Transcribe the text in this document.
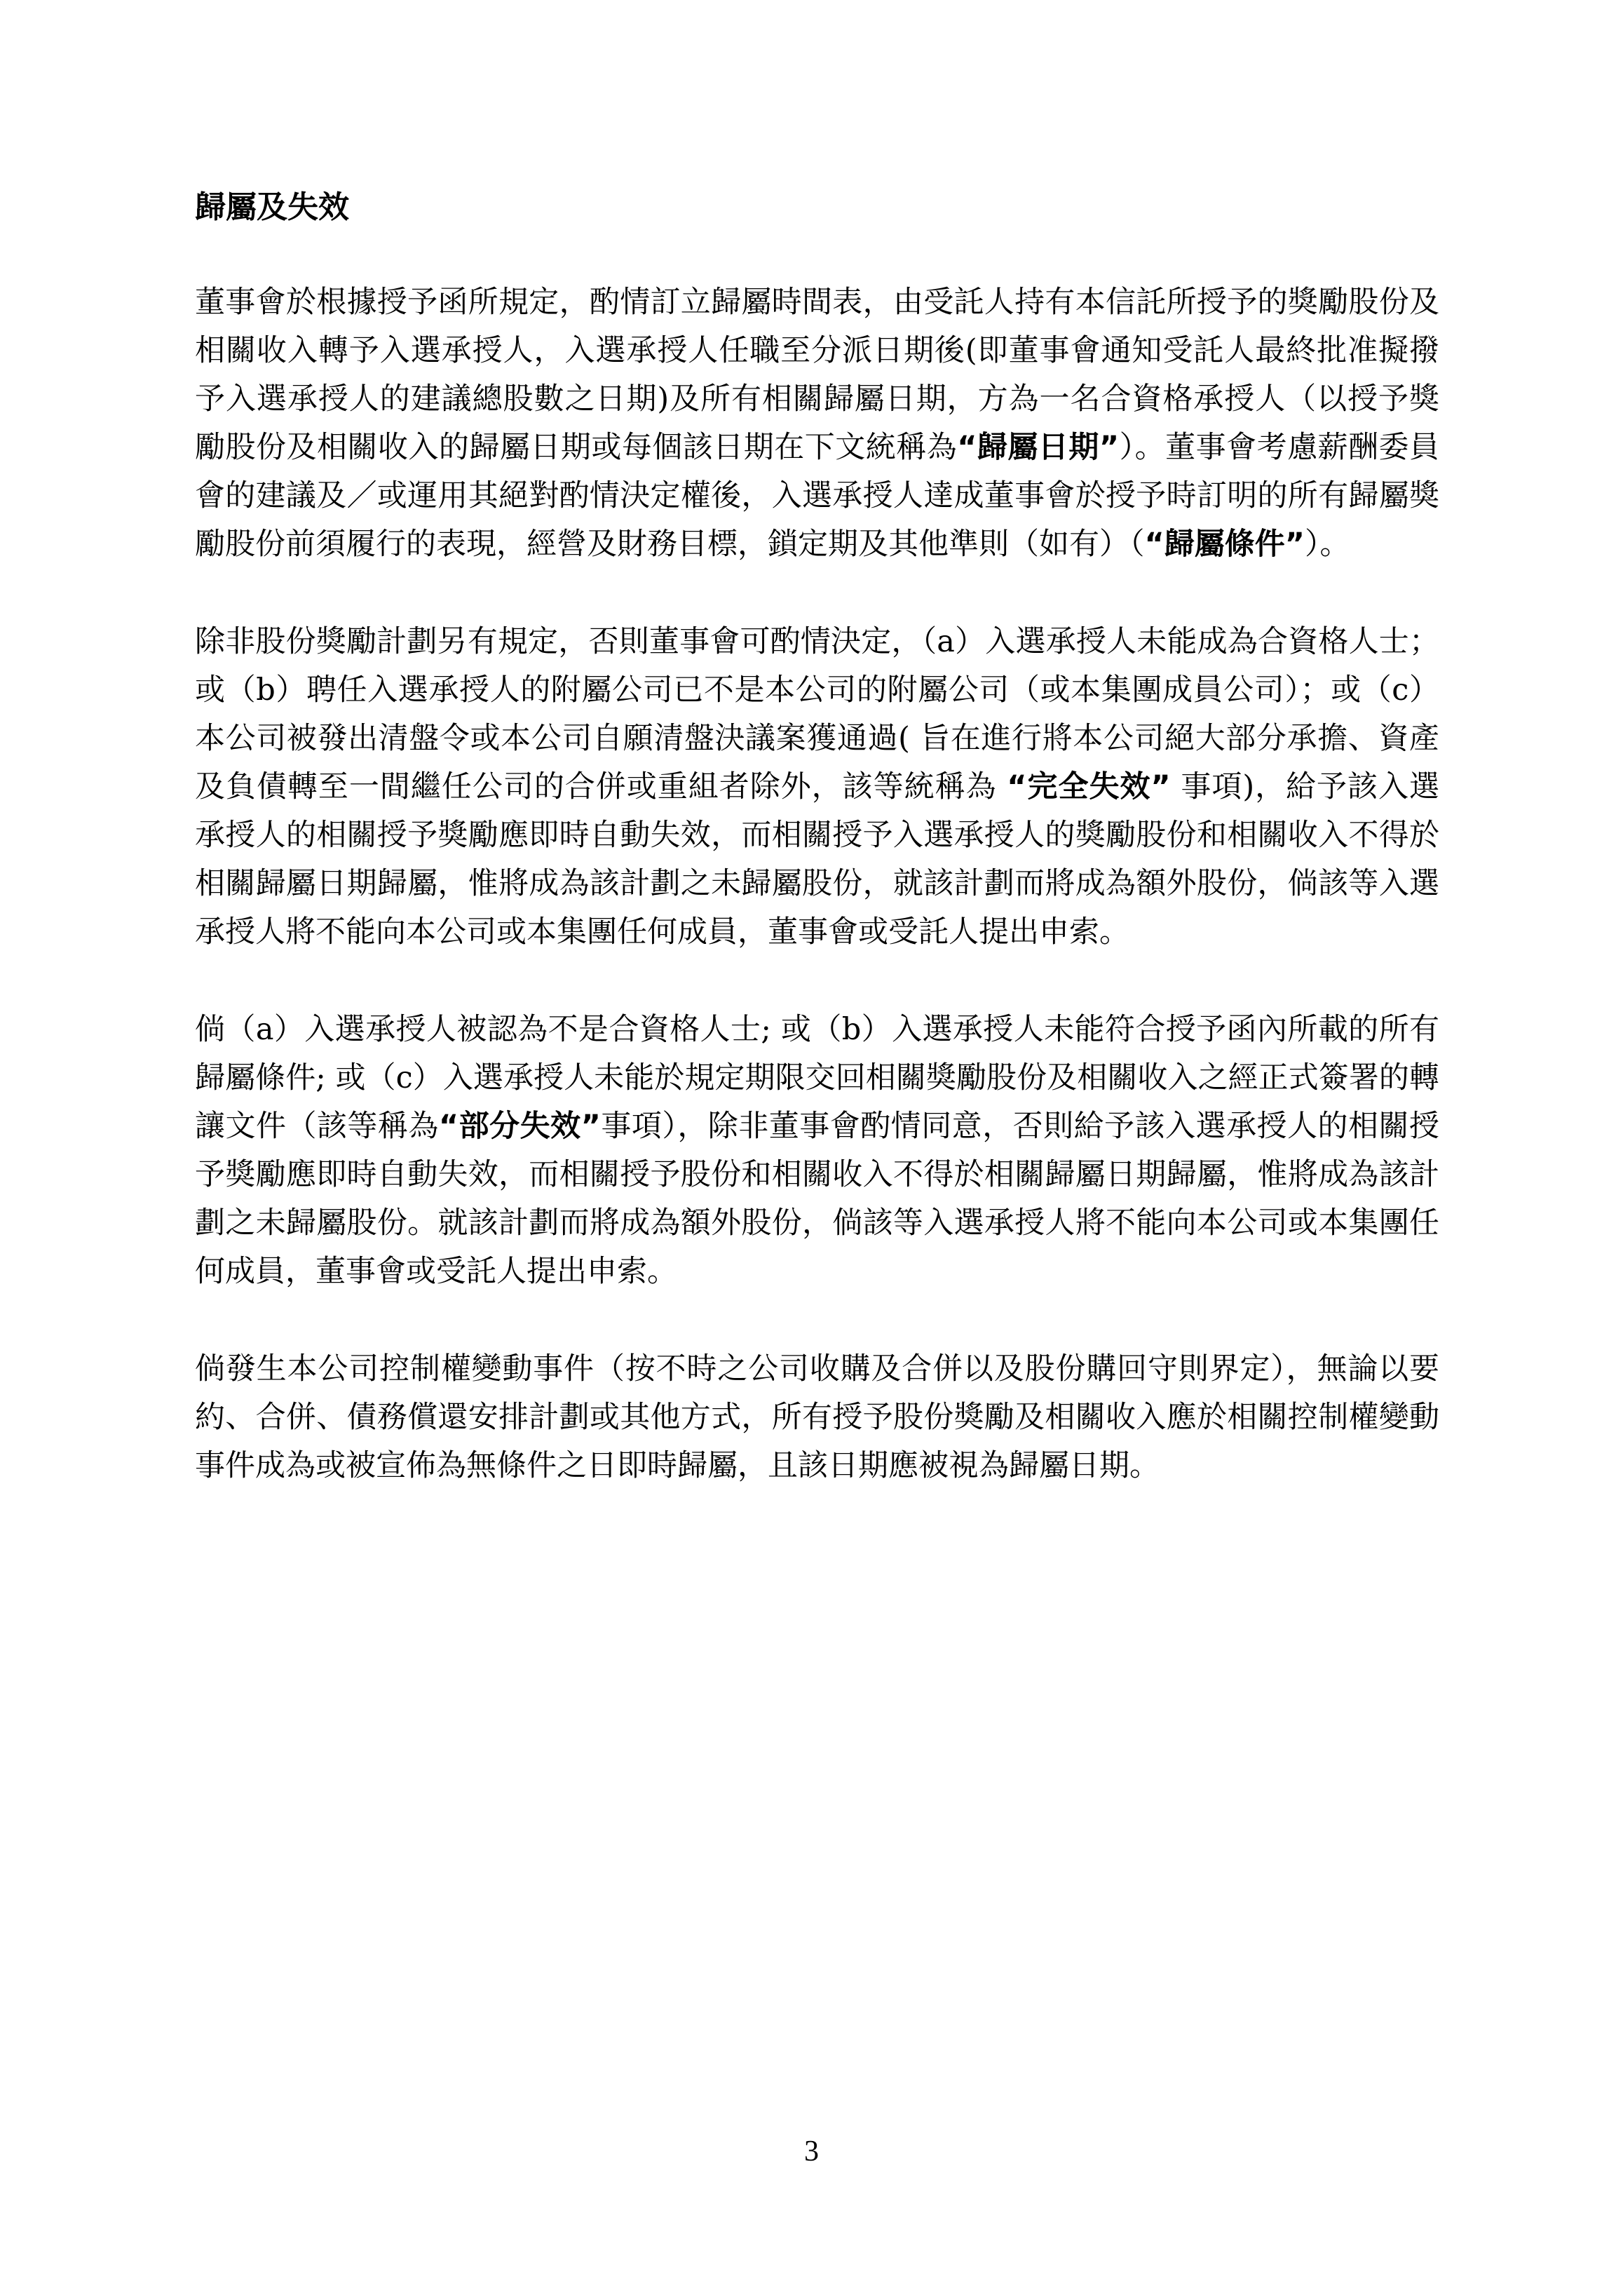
歸屬及失效

董事會於根據授予函所規定，酌情訂立歸屬時間表，由受託人持有本信託所授予的獎勵股份及相關收入轉予入選承授人，入選承授人任職至分派日期後(即董事會通知受託人最終批准擬撥予入選承授人的建議總股數之日期)及所有相關歸屬日期，方為一名合資格承授人（以授予獎勵股份及相關收入的歸屬日期或每個該日期在下文統稱為“歸屬日期”）。董事會考慮薪酬委員會的建議及／或運用其絕對酌情決定權後，入選承授人達成董事會於授予時訂明的所有歸屬獎勵股份前須履行的表現，經營及財務目標，鎖定期及其他準則（如有）（“歸屬條件”）。

除非股份獎勵計劃另有規定，否則董事會可酌情決定，（a）入選承授人未能成為合資格人士；或（b）聘任入選承授人的附屬公司已不是本公司的附屬公司（或本集團成員公司）；或（c）本公司被發出清盤令或本公司自願清盤決議案獲通過( 旨在進行將本公司絕大部分承擔、資產及負債轉至一間繼任公司的合併或重組者除外，該等統稱為 “完全失效” 事項)，給予該入選承授人的相關授予獎勵應即時自動失效，而相關授予入選承授人的獎勵股份和相關收入不得於相關歸屬日期歸屬，惟將成為該計劃之未歸屬股份，就該計劃而將成為額外股份，倘該等入選承授人將不能向本公司或本集團任何成員，董事會或受託人提出申索。

倘（a）入選承授人被認為不是合資格人士; 或（b）入選承授人未能符合授予函內所載的所有歸屬條件; 或（c）入選承授人未能於規定期限交回相關獎勵股份及相關收入之經正式簽署的轉讓文件（該等稱為“部分失效”事項），除非董事會酌情同意，否則給予該入選承授人的相關授予獎勵應即時自動失效，而相關授予股份和相關收入不得於相關歸屬日期歸屬，惟將成為該計劃之未歸屬股份。就該計劃而將成為額外股份，倘該等入選承授人將不能向本公司或本集團任何成員，董事會或受託人提出申索。

倘發生本公司控制權變動事件（按不時之公司收購及合併以及股份購回守則界定），無論以要約、合併、債務償還安排計劃或其他方式，所有授予股份獎勵及相關收入應於相關控制權變動事件成為或被宣佈為無條件之日即時歸屬，且該日期應被視為歸屬日期。

3
